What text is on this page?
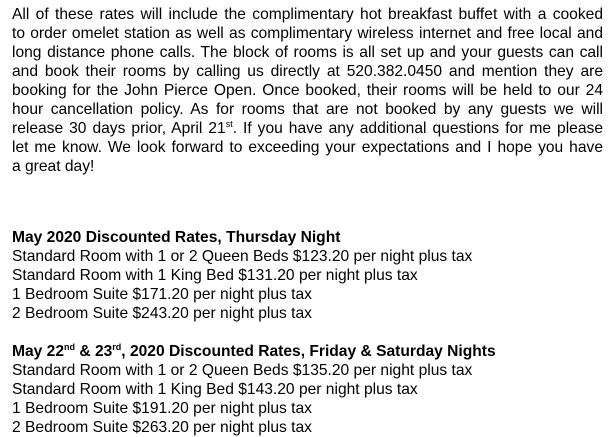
All of these rates will include the complimentary hot breakfast buffet with a cooked
to order omelet station as well as complimentary wireless internet and free local and
long distance phone calls. The block of rooms is all set up and your guests can call
and book their rooms by calling us directly at 520.382.0450 and mention they are
booking for the John Pierce Open. Once booked, their rooms will be held to our 24
hour cancellation policy. As for rooms that are not booked by any guests we will
release 30 days prior, April 21st. If you have any additional questions for me please
let me know. We look forward to exceeding your expectations and I hope you have
a great day!
May 2020 Discounted Rates, Thursday Night
Standard Room with 1 or 2 Queen Beds $123.20 per night plus tax
Standard Room with 1 King Bed $131.20 per night plus tax
1 Bedroom Suite $171.20 per night plus tax
2 Bedroom Suite $243.20 per night plus tax
May 22nd & 23rd, 2020 Discounted Rates, Friday & Saturday Nights
Standard Room with 1 or 2 Queen Beds $135.20 per night plus tax
Standard Room with 1 King Bed $143.20 per night plus tax
1 Bedroom Suite $191.20 per night plus tax
2 Bedroom Suite $263.20 per night plus tax
